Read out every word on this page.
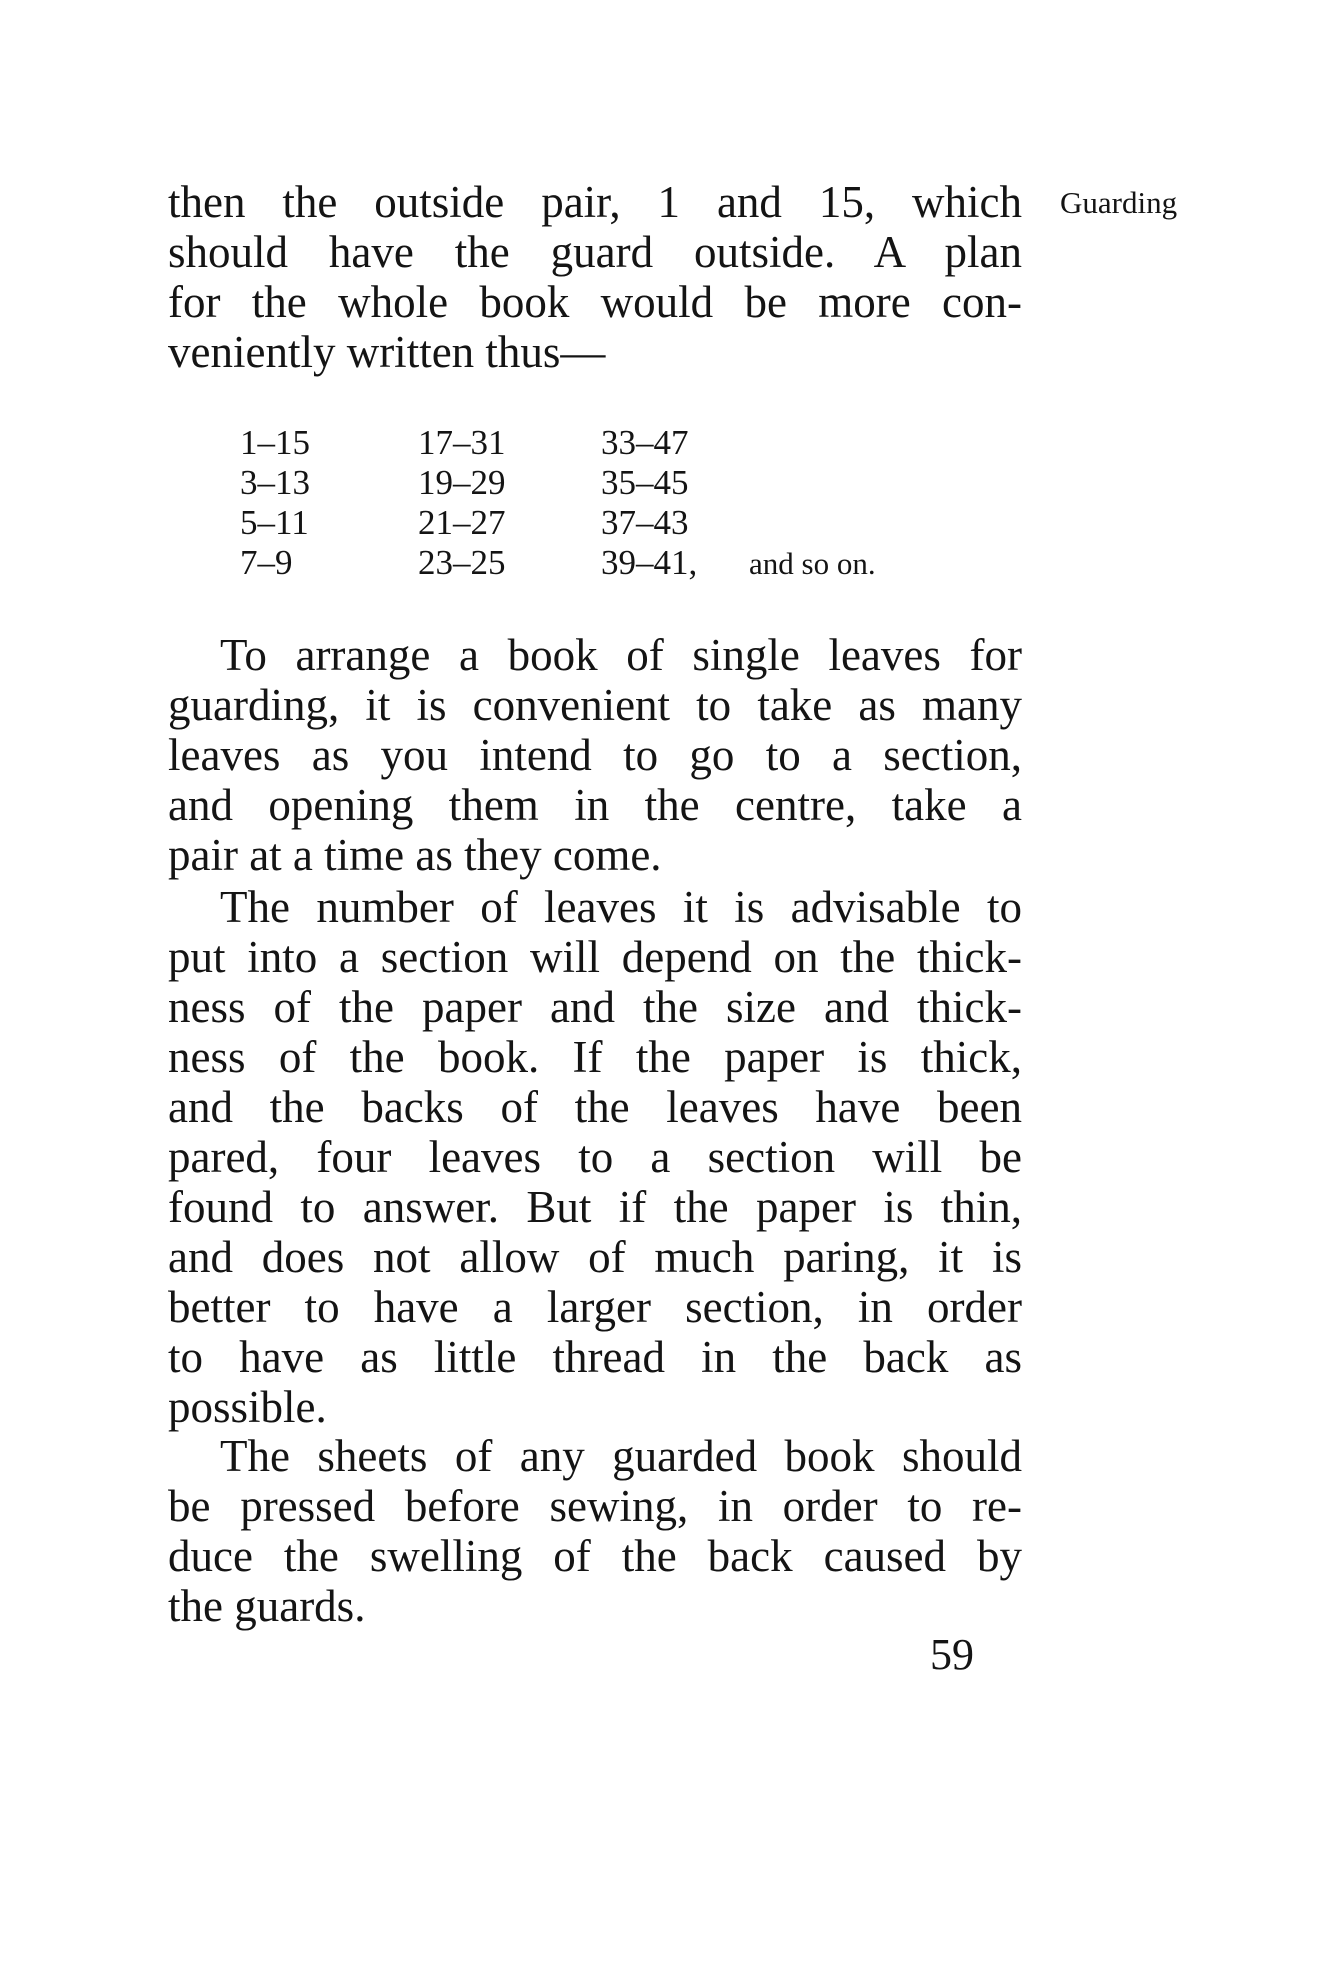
Guarding
then the outside pair, 1 and 15, which
should have the guard outside. A plan
for the whole book would be more con-
veniently written thus—
1–15	17–31	33–47	
3–13	19–29	35–45	
5–11	21–27	37–43	
7–9	23–25	39–41,	and so on.
To arrange a book of single leaves for
guarding, it is convenient to take as many
leaves as you intend to go to a section,
and opening them in the centre, take a
pair at a time as they come.
The number of leaves it is advisable to
put into a section will depend on the thick-
ness of the paper and the size and thick-
ness of the book. If the paper is thick,
and the backs of the leaves have been
pared, four leaves to a section will be
found to answer. But if the paper is thin,
and does not allow of much paring, it is
better to have a larger section, in order
to have as little thread in the back as
possible.
The sheets of any guarded book should
be pressed before sewing, in order to re-
duce the swelling of the back caused by
the guards.
59
